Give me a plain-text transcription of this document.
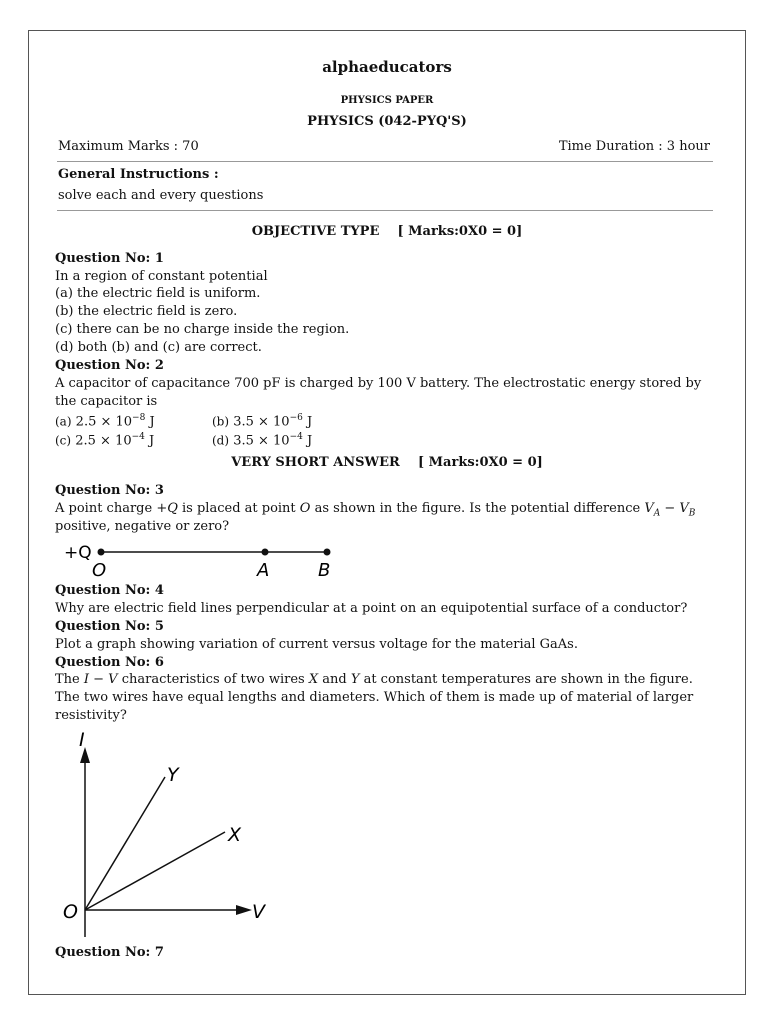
alphaeducators
PHYSICS PAPER
PHYSICS (042-PYQ'S)
Maximum Marks : 70	Time Duration : 3 hour
General Instructions :
solve each and every questions
OBJECTIVE TYPE [ Marks:0X0 = 0]
Question No: 1
In a region of constant potential
(a) the electric field is uniform.
(b) the electric field is zero.
(c) there can be no charge inside the region.
(d) both (b) and (c) are correct.
Question No: 2
A capacitor of capacitance 700 pF is charged by 100 V battery. The electrostatic energy stored by
the capacitor is
(a) $2.5 \times 10^{-8}$ J	(b) $3.5 \times 10^{-6}$ J
(c) $2.5 \times 10^{-4}$ J	(d) $3.5 \times 10^{-4}$ J
VERY SHORT ANSWER [ Marks:0X0 = 0]
Question No: 3
A point charge +Q is placed at point O as shown in the figure. Is the potential difference $V_A - V_B$
positive, negative or zero?
+Q
O	A	B
Question No: 4
Why are electric field lines perpendicular at a point on an equipotential surface of a conductor?
Question No: 5
Plot a graph showing variation of current versus voltage for the material GaAs.
Question No: 6
The I − V characteristics of two wires X and Y at constant temperatures are shown in the figure.
The two wires have equal lengths and diameters. Which of them is made up of material of larger
resistivity?
I
Y
X
O	V
Question No: 7
